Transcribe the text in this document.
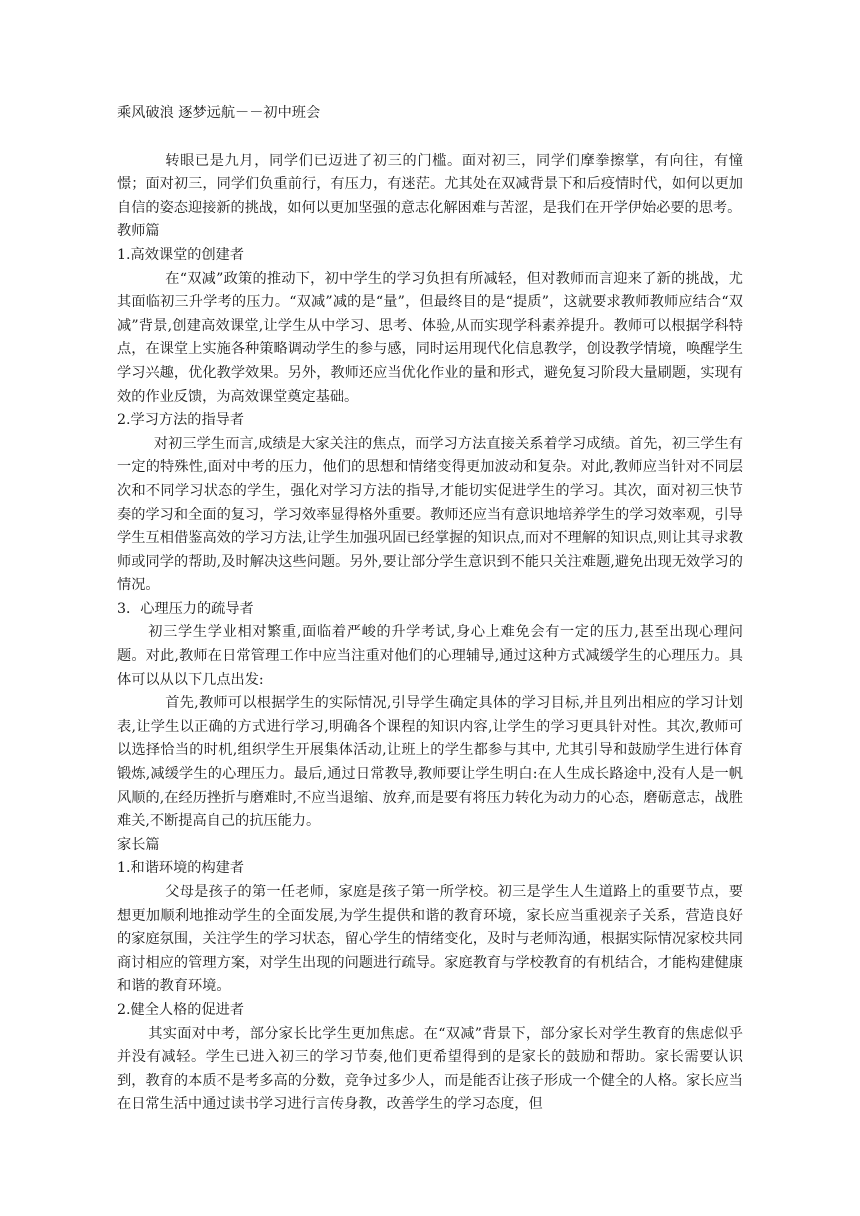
乘风破浪 逐梦远航－－初中班会

转眼已是九月，同学们已迈进了初三的门槛。面对初三，同学们摩拳擦掌，有向往，有憧憬；面对初三，同学们负重前行，有压力，有迷茫。尤其处在双减背景下和后疫情时代，如何以更加自信的姿态迎接新的挑战，如何以更加坚强的意志化解困难与苦涩，是我们在开学伊始必要的思考。

教师篇
1.高效课堂的创建者

在“双减”政策的推动下，初中学生的学习负担有所减轻，但对教师而言迎来了新的挑战，尤其面临初三升学考的压力。“双减”减的是“量”，但最终目的是“提质”，这就要求教师教师应结合“双减”背景,创建高效课堂,让学生从中学习、思考、体验,从而实现学科素养提升。教师可以根据学科特点，在课堂上实施各种策略调动学生的参与感，同时运用现代化信息教学，创设教学情境，唤醒学生学习兴趣，优化教学效果。另外，教师还应当优化作业的量和形式，避免复习阶段大量刷题，实现有效的作业反馈，为高效课堂奠定基础。

2.学习方法的指导者

对初三学生而言,成绩是大家关注的焦点，而学习方法直接关系着学习成绩。首先，初三学生有一定的特殊性,面对中考的压力，他们的思想和情绪变得更加波动和复杂。对此,教师应当针对不同层次和不同学习状态的学生，强化对学习方法的指导,才能切实促进学生的学习。其次，面对初三快节奏的学习和全面的复习，学习效率显得格外重要。教师还应当有意识地培养学生的学习效率观，引导学生互相借鉴高效的学习方法,让学生加强巩固已经掌握的知识点,而对不理解的知识点,则让其寻求教师或同学的帮助,及时解决这些问题。另外,要让部分学生意识到不能只关注难题,避免出现无效学习的情况。

3．心理压力的疏导者

初三学生学业相对繁重,面临着严峻的升学考试,身心上难免会有一定的压力,甚至出现心理问题。对此,教师在日常管理工作中应当注重对他们的心理辅导,通过这种方式减缓学生的心理压力。具体可以从以下几点出发:

首先,教师可以根据学生的实际情况,引导学生确定具体的学习目标,并且列出相应的学习计划表,让学生以正确的方式进行学习,明确各个课程的知识内容,让学生的学习更具针对性。其次,教师可以选择恰当的时机,组织学生开展集体活动,让班上的学生都参与其中, 尤其引导和鼓励学生进行体育锻炼,减缓学生的心理压力。最后,通过日常教导,教师要让学生明白:在人生成长路途中,没有人是一帆风顺的,在经历挫折与磨难时,不应当退缩、放弃,而是要有将压力转化为动力的心态，磨砺意志，战胜难关,不断提高自己的抗压能力。

家长篇
1.和谐环境的构建者

父母是孩子的第一任老师，家庭是孩子第一所学校。初三是学生人生道路上的重要节点，要想更加顺利地推动学生的全面发展,为学生提供和谐的教育环境，家长应当重视亲子关系，营造良好的家庭氛围，关注学生的学习状态，留心学生的情绪变化，及时与老师沟通，根据实际情况家校共同商讨相应的管理方案，对学生出现的问题进行疏导。家庭教育与学校教育的有机结合，才能构建健康和谐的教育环境。

2.健全人格的促进者

其实面对中考，部分家长比学生更加焦虑。在“双减”背景下，部分家长对学生教育的焦虑似乎并没有减轻。学生已进入初三的学习节奏,他们更希望得到的是家长的鼓励和帮助。家长需要认识到，教育的本质不是考多高的分数，竞争过多少人，而是能否让孩子形成一个健全的人格。家长应当在日常生活中通过读书学习进行言传身教，改善学生的学习态度，但
